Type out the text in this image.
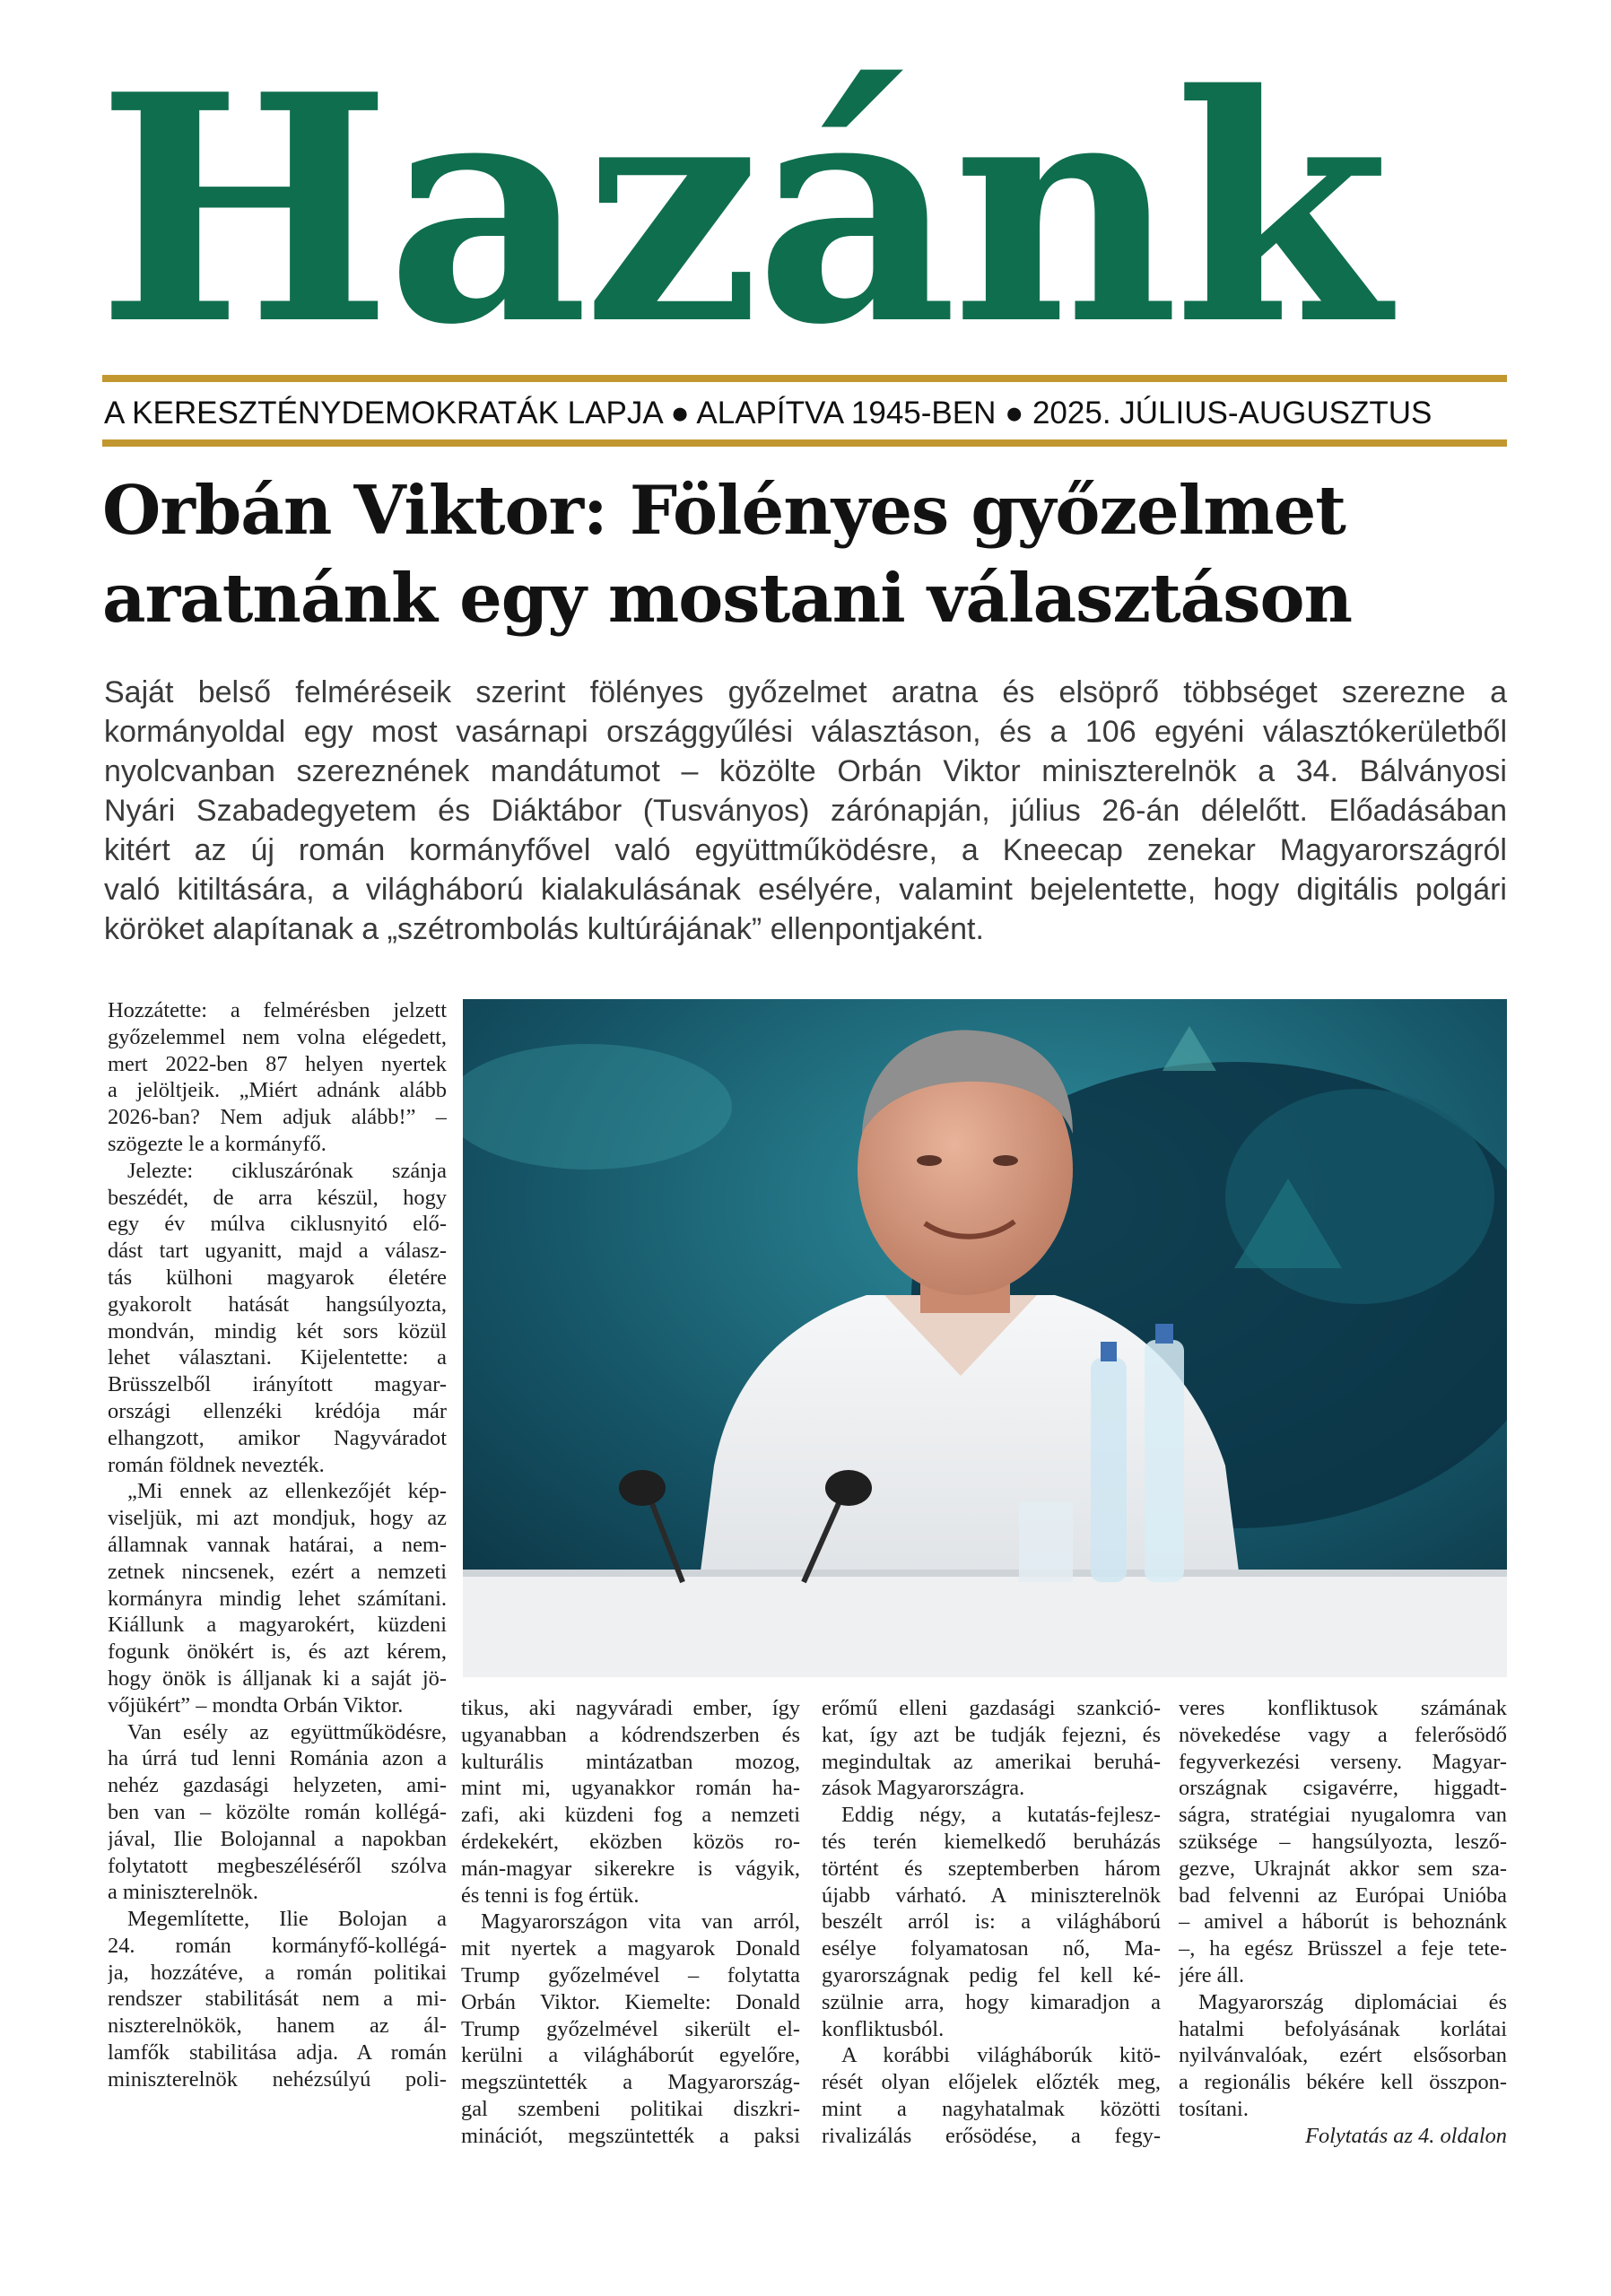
Hazánk
A KERESZTÉNYDEMOKRATÁK LAPJA ● ALAPÍTVA 1945-BEN ● 2025. JÚLIUS-AUGUSZTUS
Orbán Viktor: Fölényes győzelmet
aratnánk egy mostani választáson
Saját belső felméréseik szerint fölényes győzelmet aratna és elsöprő többséget szerezne a
kormányoldal egy most vasárnapi országgyűlési választáson, és a 106 egyéni választókerületből
nyolcvanban szereznének mandátumot – közölte Orbán Viktor miniszterelnök a 34. Bálványosi
Nyári Szabadegyetem és Diáktábor (Tusványos) zárónapján, július 26-án délelőtt. Előadásában
kitért az új román kormányfővel való együttműködésre, a Kneecap zenekar Magyarországról
való kitiltására, a világháború kialakulásának esélyére, valamint bejelentette, hogy digitális polgári
köröket alapítanak a „szétrombolás kultúrájának” ellenpontjaként.
Hozzátette: a felmérésben jelzett
győzelemmel nem volna elégedett,
mert 2022-ben 87 helyen nyertek
a jelöltjeik. „Miért adnánk alább
2026-ban? Nem adjuk alább!” –
szögezte le a kormányfő.
Jelezte: cikluszárónak szánja
beszédét, de arra készül, hogy
egy év múlva ciklusnyitó elő-
dást tart ugyanitt, majd a válasz-
tás külhoni magyarok életére
gyakorolt hatását hangsúlyozta,
mondván, mindig két sors közül
lehet választani. Kijelentette: a
Brüsszelből irányított magyar-
országi ellenzéki krédója már
elhangzott, amikor Nagyváradot
román földnek nevezték.
„Mi ennek az ellenkezőjét kép-
viseljük, mi azt mondjuk, hogy az
államnak vannak határai, a nem-
zetnek nincsenek, ezért a nemzeti
kormányra mindig lehet számítani.
Kiállunk a magyarokért, küzdeni
fogunk önökért is, és azt kérem,
hogy önök is álljanak ki a saját jö-
vőjükért” – mondta Orbán Viktor.
Van esély az együttműködésre,
ha úrrá tud lenni Románia azon a
nehéz gazdasági helyzeten, ami-
ben van – közölte román kollégá-
jával, Ilie Bolojannal a napokban
folytatott megbeszéléséről szólva
a miniszterelnök.
Megemlítette, Ilie Bolojan a
24. román kormányfő-kollégá-
ja, hozzátéve, a román politikai
rendszer stabilitását nem a mi-
niszterelnökök, hanem az ál-
lamfők stabilitása adja. A román
miniszterelnök nehézsúlyú poli-
tikus, aki nagyváradi ember, így
ugyanabban a kódrendszerben és
kulturális mintázatban mozog,
mint mi, ugyanakkor román ha-
zafi, aki küzdeni fog a nemzeti
érdekekért, eközben közös ro-
mán-magyar sikerekre is vágyik,
és tenni is fog értük.
Magyarországon vita van arról,
mit nyertek a magyarok Donald
Trump győzelmével – folytatta
Orbán Viktor. Kiemelte: Donald
Trump győzelmével sikerült el-
kerülni a világháborút egyelőre,
megszüntették a Magyarország-
gal szembeni politikai diszkri-
minációt, megszüntették a paksi
erőmű elleni gazdasági szankció-
kat, így azt be tudják fejezni, és
megindultak az amerikai beruhá-
zások Magyarországra.
Eddig négy, a kutatás-fejlesz-
tés terén kiemelkedő beruházás
történt és szeptemberben három
újabb várható. A miniszterelnök
beszélt arról is: a világháború
esélye folyamatosan nő, Ma-
gyarországnak pedig fel kell ké-
szülnie arra, hogy kimaradjon a
konfliktusból.
A korábbi világháborúk kitö-
rését olyan előjelek előzték meg,
mint a nagyhatalmak közötti
rivalizálás erősödése, a fegy-
veres konfliktusok számának
növekedése vagy a felerősödő
fegyverkezési verseny. Magyar-
országnak csigavérre, higgadt-
ságra, stratégiai nyugalomra van
szüksége – hangsúlyozta, lesző-
gezve, Ukrajnát akkor sem sza-
bad felvenni az Európai Unióba
– amivel a háborút is behoznánk
–, ha egész Brüsszel a feje tete-
jére áll.
Magyarország diplomáciai és
hatalmi befolyásának korlátai
nyilvánvalóak, ezért elsősorban
a regionális békére kell összpon-
tosítani.
Folytatás az 4. oldalon
